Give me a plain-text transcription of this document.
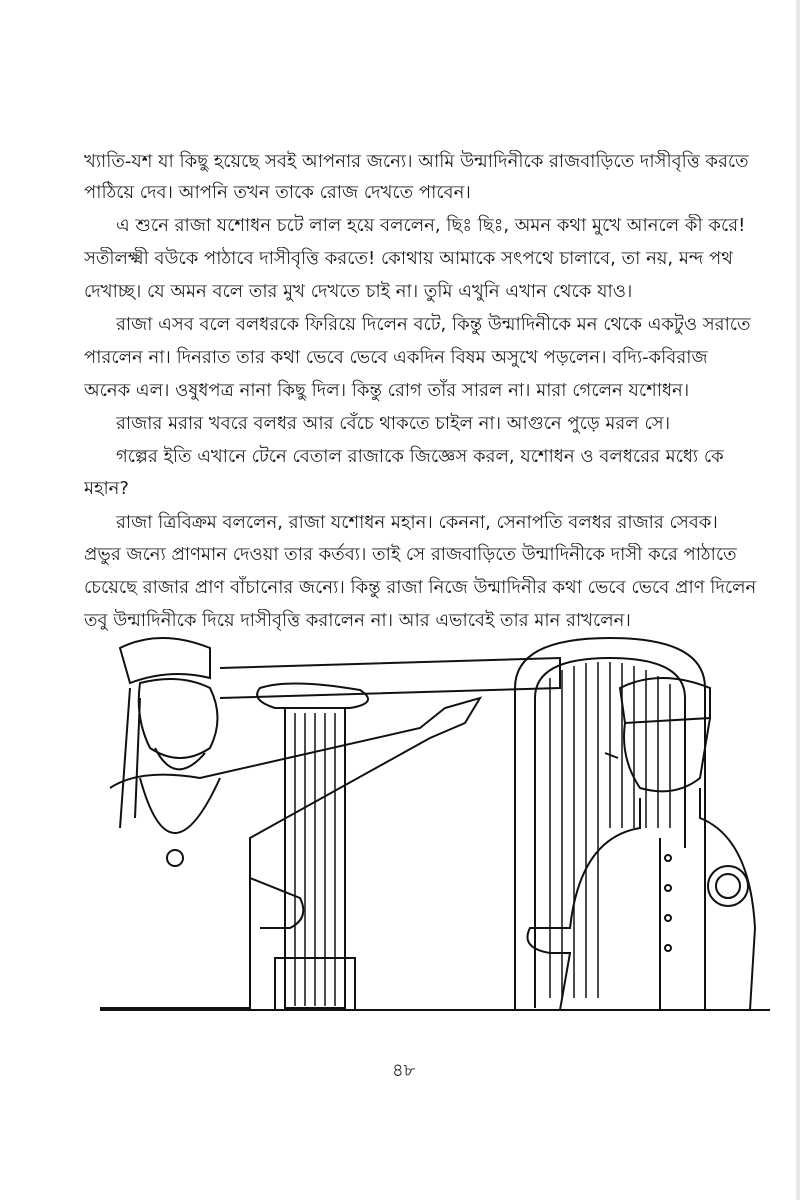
খ্যাতি-যশ যা কিছু হয়েছে সবই আপনার জন্যে। আমি উন্মাদিনীকে রাজবাড়িতে দাসীবৃত্তি করতে
পাঠিয়ে দেব। আপনি তখন তাকে রোজ দেখতে পাবেন।
এ শুনে রাজা যশোধন চটে লাল হয়ে বললেন, ছিঃ ছিঃ, অমন কথা মুখে আনলে কী করে!
সতীলক্ষ্মী বউকে পাঠাবে দাসীবৃত্তি করতে! কোথায় আমাকে সৎপথে চালাবে, তা নয়, মন্দ পথ
দেখাচ্ছ। যে অমন বলে তার মুখ দেখতে চাই না। তুমি এখুনি এখান থেকে যাও।
রাজা এসব বলে বলধরকে ফিরিয়ে দিলেন বটে, কিন্তু উন্মাদিনীকে মন থেকে একটুও সরাতে
পারলেন না। দিনরাত তার কথা ভেবে ভেবে একদিন বিষম অসুখে পড়লেন। বদ্যি-কবিরাজ
অনেক এল। ওষুধপত্র নানা কিছু দিল। কিন্তু রোগ তাঁর সারল না। মারা গেলেন যশোধন।
রাজার মরার খবরে বলধর আর বেঁচে থাকতে চাইল না। আগুনে পুড়ে মরল সে।
গল্পের ইতি এখানে টেনে বেতাল রাজাকে জিজ্ঞেস করল, যশোধন ও বলধরের মধ্যে কে
মহান?
রাজা ত্রিবিক্রম বললেন, রাজা যশোধন মহান। কেননা, সেনাপতি বলধর রাজার সেবক।
প্রভুর জন্যে প্রাণমান দেওয়া তার কর্তব্য। তাই সে রাজবাড়িতে উন্মাদিনীকে দাসী করে পাঠাতে
চেয়েছে রাজার প্রাণ বাঁচানোর জন্যে। কিন্তু রাজা নিজে উন্মাদিনীর কথা ভেবে ভেবে প্রাণ দিলেন
তবু উন্মাদিনীকে দিয়ে দাসীবৃত্তি করালেন না। আর এভাবেই তার মান রাখলেন।
৪৮
